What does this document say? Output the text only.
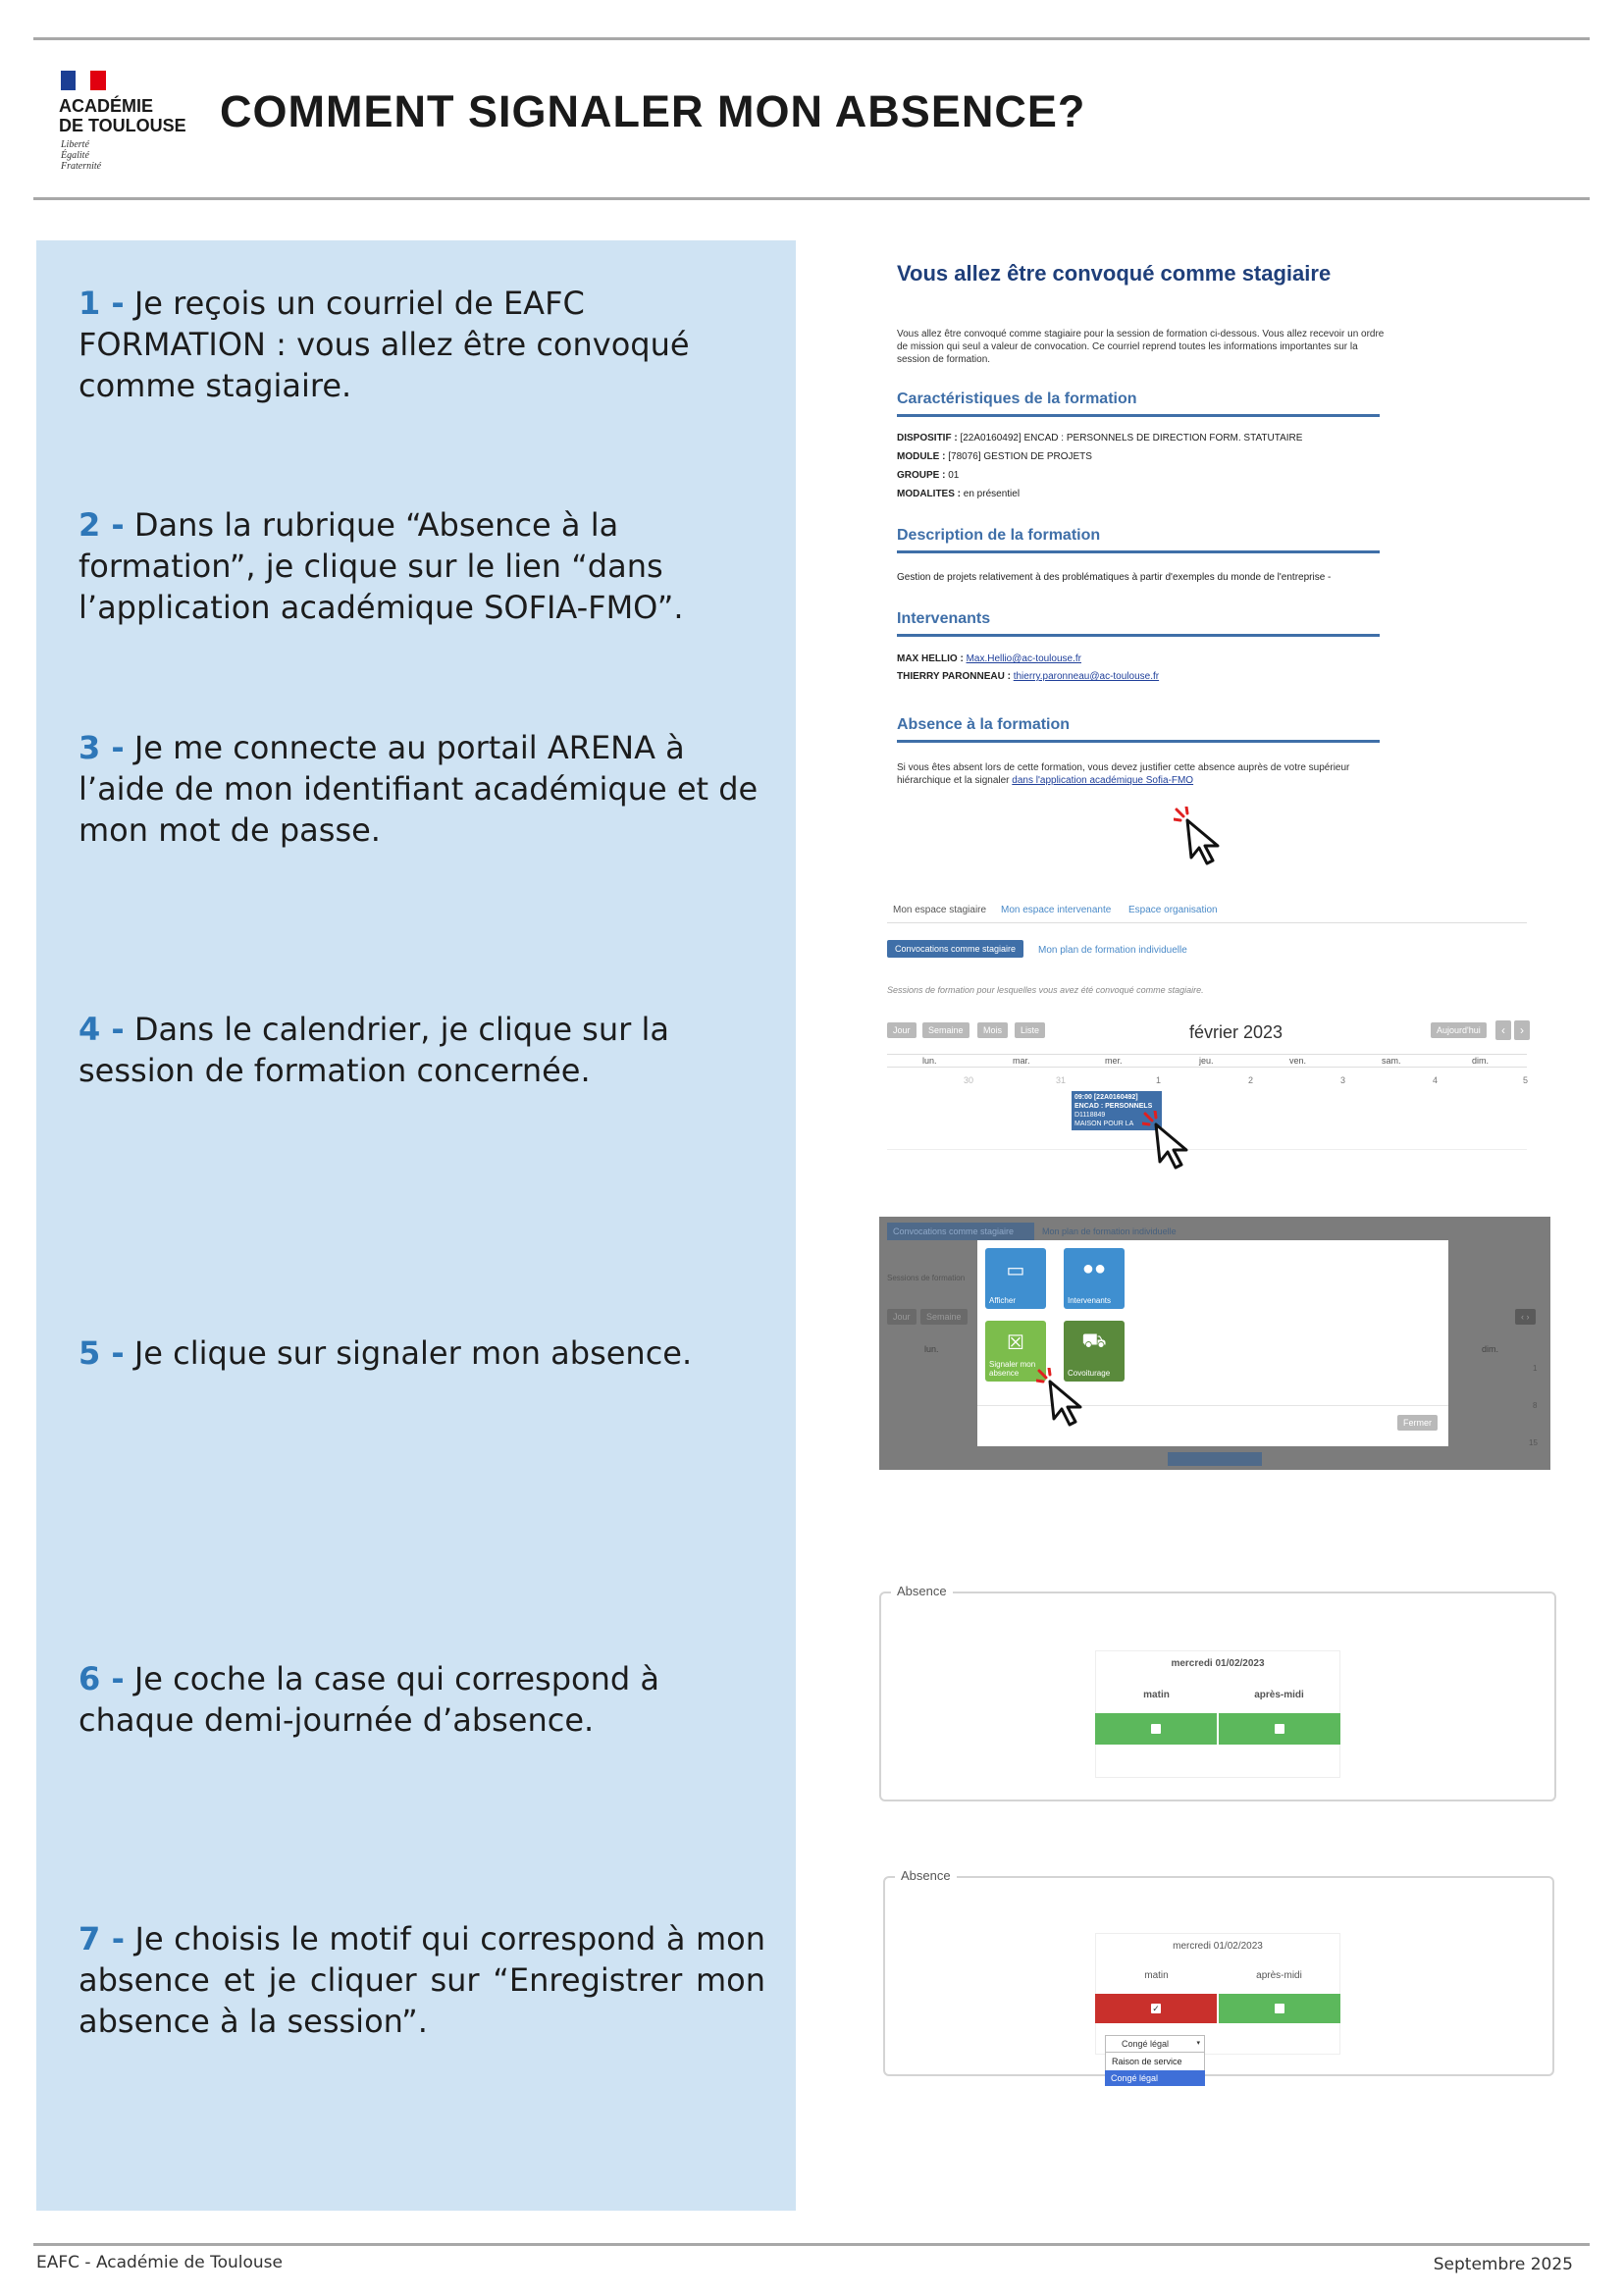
ACADÉMIE
DE TOULOUSE
Liberté
Égalité
Fraternité
COMMENT SIGNALER MON ABSENCE?
1 - Je reçois un courriel de EAFC FORMATION : vous allez être convoqué comme stagiaire.
2 - Dans la rubrique “Absence à la formation”, je clique sur le lien “dans l’application académique SOFIA-FMO”.
3 - Je me connecte au portail ARENA à l’aide de mon identifiant académique et de mon mot de passe.
4 - Dans le calendrier, je clique sur la session de formation concernée.
5 - Je clique sur signaler mon absence.
6 - Je coche la case qui correspond à chaque demi-journée d’absence.
7 - Je choisis le motif qui correspond à mon absence et je cliquer sur “Enregistrer mon absence à la session”.
Vous allez être convoqué comme stagiaire
Vous allez être convoqué comme stagiaire pour la session de formation ci-dessous. Vous allez recevoir un ordre de mission qui seul a valeur de convocation. Ce courriel reprend toutes les informations importantes sur la session de formation.
Caractéristiques de la formation
DISPOSITIF : [22A0160492] ENCAD : PERSONNELS DE DIRECTION FORM. STATUTAIRE
MODULE : [78076] GESTION DE PROJETS
GROUPE : 01
MODALITES : en présentiel
Description de la formation
Gestion de projets relativement à des problématiques à partir d'exemples du monde de l'entreprise -
Intervenants
MAX HELLIO : Max.Hellio@ac-toulouse.fr
THIERRY PARONNEAU : thierry.paronneau@ac-toulouse.fr
Absence à la formation
Si vous êtes absent lors de cette formation, vous devez justifier cette absence auprès de votre supérieur hiérarchique et la signaler dans l'application académique Sofia-FMO
Mon espace stagiaire Mon espace intervenante Espace organisation
Convocations comme stagiaire	Mon plan de formation individuelle
Sessions de formation pour lesquelles vous avez été convoqué comme stagiaire.
Jour	Semaine	Mois	Liste	février 2023	Aujourd'hui	‹	›
lun.	mar.	mer.	jeu.	ven.	sam.	dim.
30	31	1	2	3	4	5
09:00 [22A0160492]
ENCAD : PERSONNELS
D1118849
MAISON POUR LA
Convocations comme stagiaire	Mon plan de formation individuelle
Sessions de formation
Jour	Semaine	‹ ›
lun.	dim.
1
8
15
▭
Afficher
●●
Intervenants
☒
Signaler mon absence
⛟
Covoiturage
Fermer
Absence
mercredi 01/02/2023
matin	après-midi
Absence
mercredi 01/02/2023
matin	après-midi
✓
Congé légal	▾
Raison de service
Congé légal
EAFC - Académie de Toulouse	Septembre 2025
